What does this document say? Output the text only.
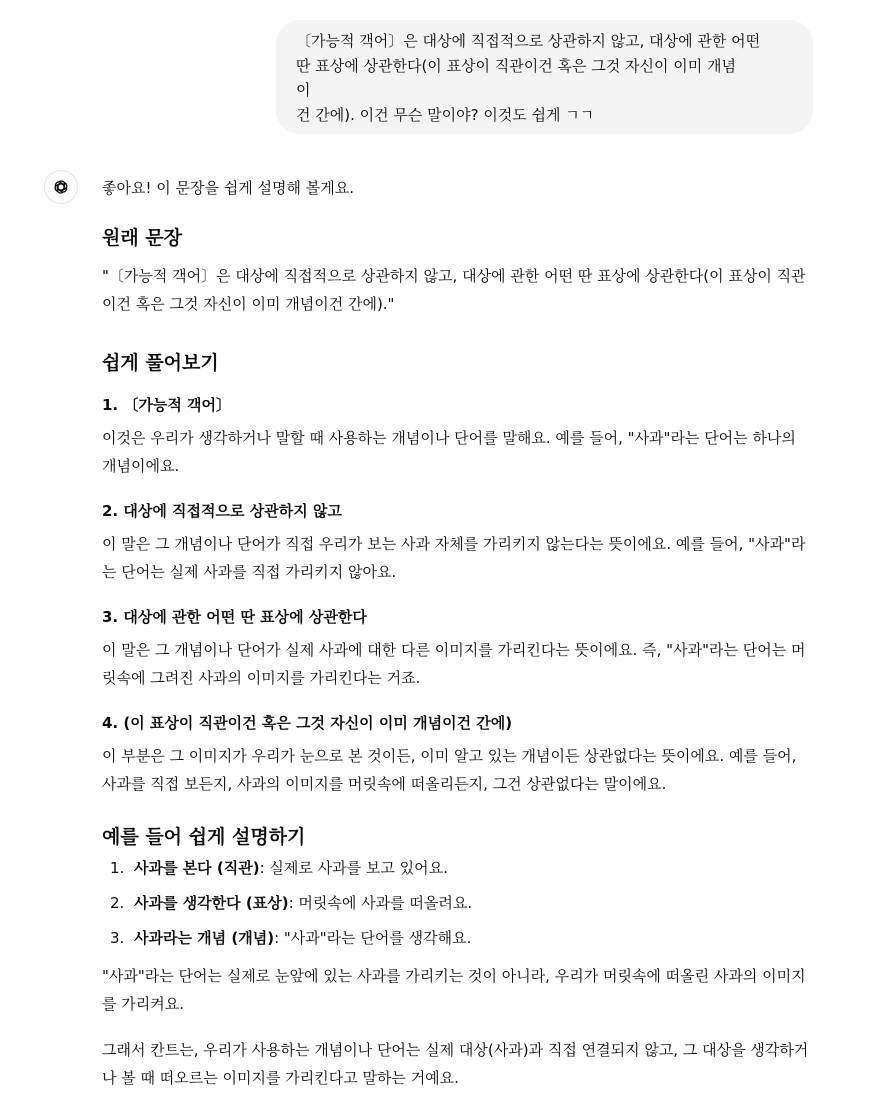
〔가능적 객어〕은 대상에 직접적으로 상관하지 않고, 대상에 관한 어떤
딴 표상에 상관한다(이 표상이 직관이건 혹은 그것 자신이 이미 개념
이
건 간에). 이건 무슨 말이야? 이것도 쉽게 ㄱㄱ

좋아요! 이 문장을 쉽게 설명해 볼게요.

원래 문장

"〔가능적 객어〕은 대상에 직접적으로 상관하지 않고, 대상에 관한 어떤 딴 표상에 상관한다(이 표상이 직관이건 혹은 그것 자신이 이미 개념이건 간에)."

쉽게 풀어보기
1. 〔가능적 객어〕

이것은 우리가 생각하거나 말할 때 사용하는 개념이나 단어를 말해요. 예를 들어, "사과"라는 단어는 하나의 개념이에요.

2. 대상에 직접적으로 상관하지 않고

이 말은 그 개념이나 단어가 직접 우리가 보는 사과 자체를 가리키지 않는다는 뜻이에요. 예를 들어, "사과"라는 단어는 실제 사과를 직접 가리키지 않아요.

3. 대상에 관한 어떤 딴 표상에 상관한다

이 말은 그 개념이나 단어가 실제 사과에 대한 다른 이미지를 가리킨다는 뜻이에요. 즉, "사과"라는 단어는 머릿속에 그려진 사과의 이미지를 가리킨다는 거죠.

4. (이 표상이 직관이건 혹은 그것 자신이 이미 개념이건 간에)

이 부분은 그 이미지가 우리가 눈으로 본 것이든, 이미 알고 있는 개념이든 상관없다는 뜻이에요. 예를 들어, 사과를 직접 보든지, 사과의 이미지를 머릿속에 떠올리든지, 그건 상관없다는 말이에요.

예를 들어 쉽게 설명하기
1. 사과를 본다 (직관): 실제로 사과를 보고 있어요.
2. 사과를 생각한다 (표상): 머릿속에 사과를 떠올려요.
3. 사과라는 개념 (개념): "사과"라는 단어를 생각해요.

"사과"라는 단어는 실제로 눈앞에 있는 사과를 가리키는 것이 아니라, 우리가 머릿속에 떠올린 사과의 이미지를 가리켜요.

그래서 칸트는, 우리가 사용하는 개념이나 단어는 실제 대상(사과)과 직접 연결되지 않고, 그 대상을 생각하거나 볼 때 떠오르는 이미지를 가리킨다고 말하는 거예요.
